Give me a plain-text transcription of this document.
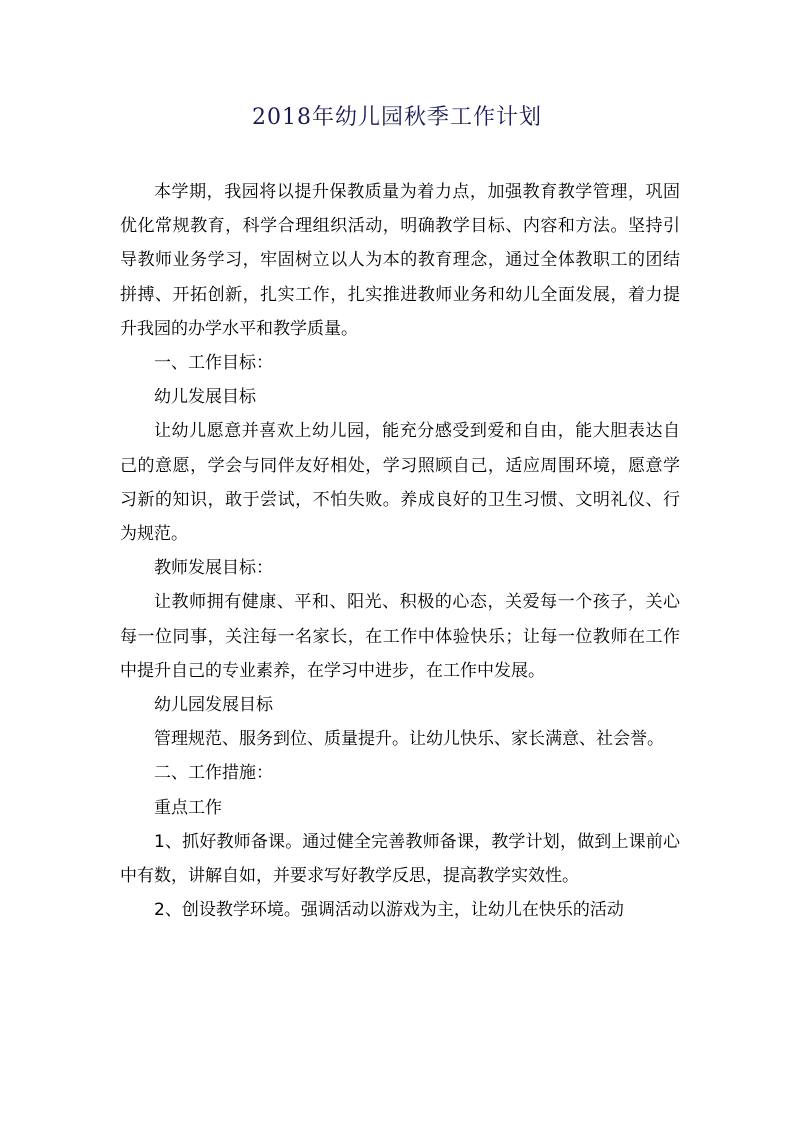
2018年幼儿园秋季工作计划

本学期，我园将以提升保教质量为着力点，加强教育教学管理，巩固优化常规教育，科学合理组织活动，明确教学目标、内容和方法。坚持引导教师业务学习，牢固树立以人为本的教育理念，通过全体教职工的团结拼搏、开拓创新，扎实工作，扎实推进教师业务和幼儿全面发展，着力提升我园的办学水平和教学质量。

一、工作目标：

幼儿发展目标

让幼儿愿意并喜欢上幼儿园，能充分感受到爱和自由，能大胆表达自己的意愿，学会与同伴友好相处，学习照顾自己，适应周围环境，愿意学习新的知识，敢于尝试，不怕失败。养成良好的卫生习惯、文明礼仪、行为规范。

教师发展目标：

让教师拥有健康、平和、阳光、积极的心态，关爱每一个孩子，关心每一位同事，关注每一名家长，在工作中体验快乐；让每一位教师在工作中提升自己的专业素养，在学习中进步，在工作中发展。

幼儿园发展目标

管理规范、服务到位、质量提升。让幼儿快乐、家长满意、社会誉。

二、工作措施：

重点工作

1、抓好教师备课。通过健全完善教师备课，教学计划，做到上课前心中有数，讲解自如，并要求写好教学反思，提高教学实效性。

2、创设教学环境。强调活动以游戏为主，让幼儿在快乐的活动
